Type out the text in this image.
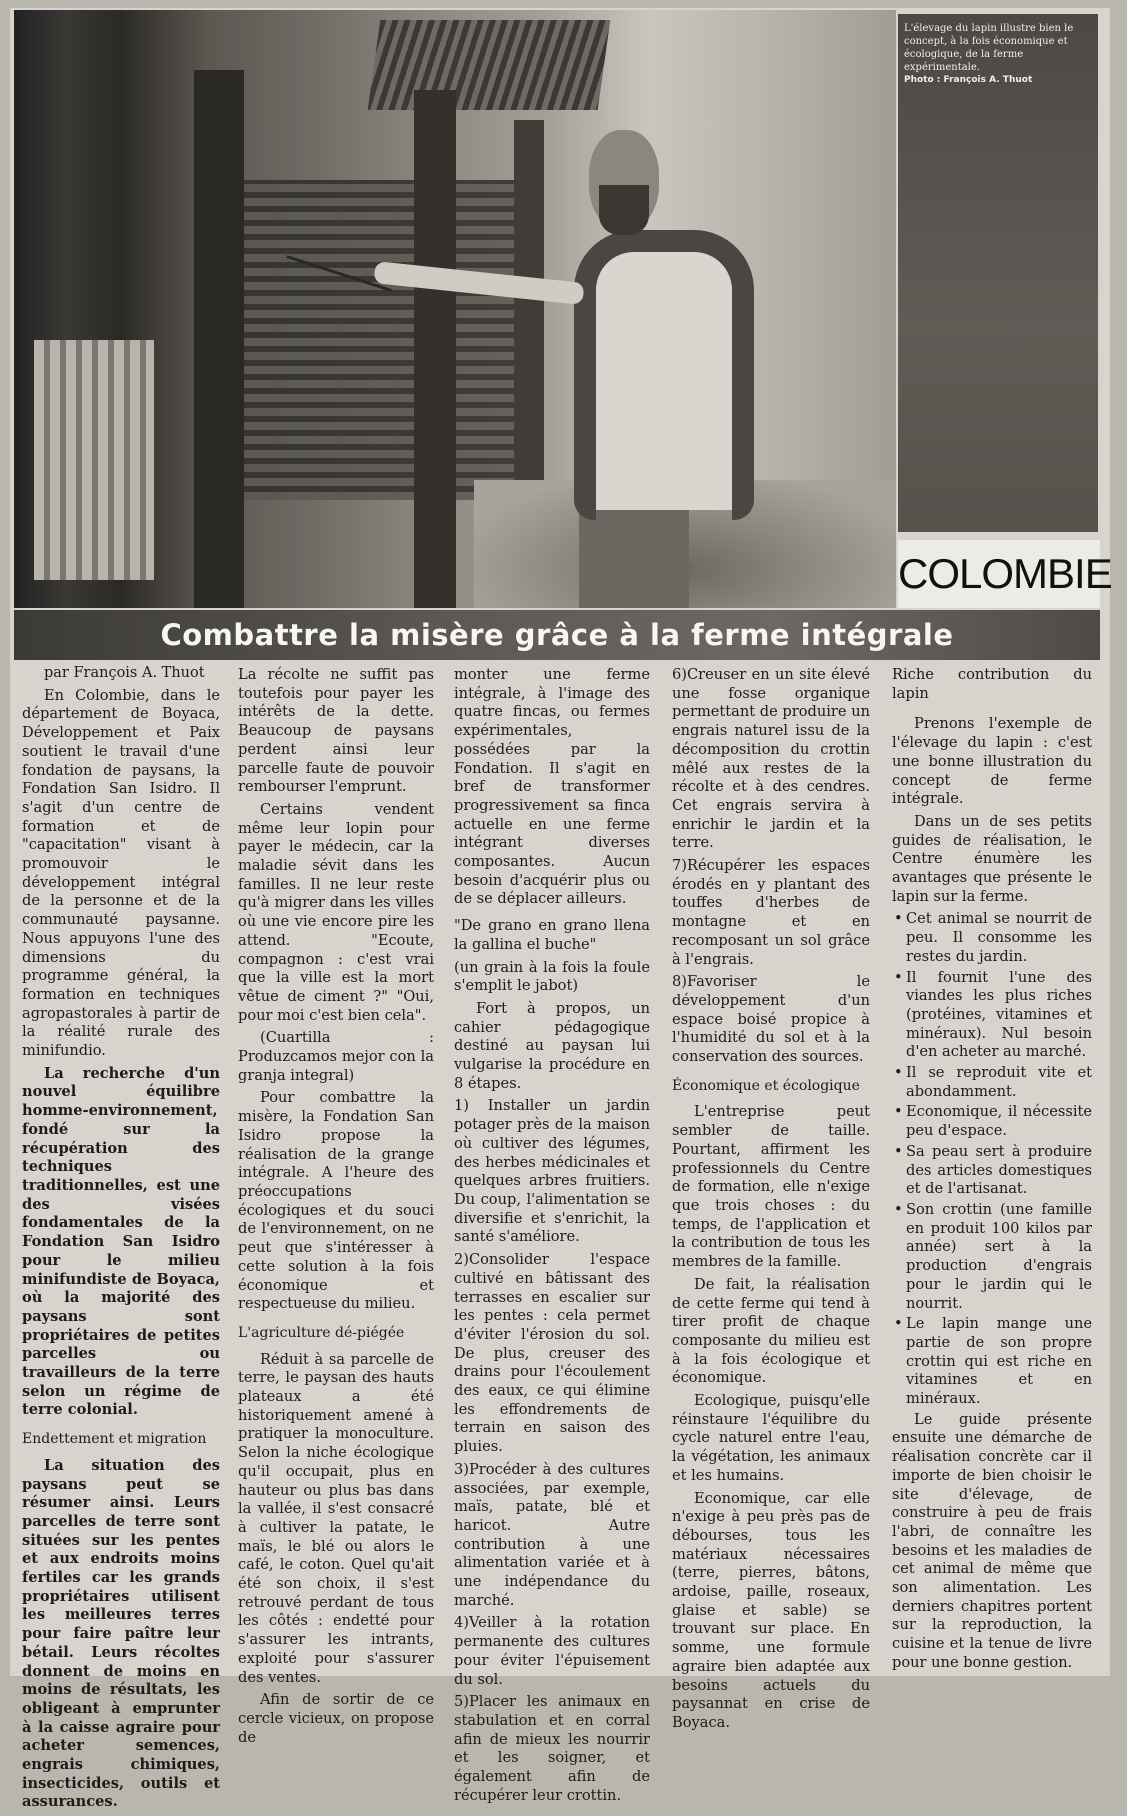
L'élevage du lapin illustre bien le concept, à la fois économique et écologique, de la ferme expérimentale.
Photo : François A. Thuot
COLOMBIE
Combattre la misère grâce à la ferme intégrale

par François A. Thuot

En Colombie, dans le département de Boyaca, Développement et Paix soutient le travail d'une fondation de paysans, la Fondation San Isidro. Il s'agit d'un centre de formation et de "capacitation" visant à promouvoir le développement intégral de la personne et de la communauté paysanne. Nous appuyons l'une des dimensions du programme général, la formation en techniques agropastorales à partir de la réalité rurale des minifundio.

La recherche d'un nouvel équilibre homme-environnement, fondé sur la récupération des techniques traditionnelles, est une des visées fondamentales de la Fondation San Isidro pour le milieu minifundiste de Boyaca, où la majorité des paysans sont propriétaires de petites parcelles ou travailleurs de la terre selon un régime de terre colonial.

Endettement et migration

La situation des paysans peut se résumer ainsi. Leurs parcelles de terre sont situées sur les pentes et aux endroits moins fertiles car les grands propriétaires utilisent les meilleures terres pour faire paître leur bétail. Leurs récoltes donnent de moins en moins de résultats, les obligeant à emprunter à la caisse agraire pour acheter semences, engrais chimiques, insecticides, outils et assurances.

La récolte ne suffit pas toutefois pour payer les intérêts de la dette. Beaucoup de paysans perdent ainsi leur parcelle faute de pouvoir rembourser l'emprunt.

Certains vendent même leur lopin pour payer le médecin, car la maladie sévit dans les familles. Il ne leur reste qu'à migrer dans les villes où une vie encore pire les attend. "Ecoute, compagnon : c'est vrai que la ville est la mort vêtue de ciment ?" "Oui, pour moi c'est bien cela".

(Cuartilla : Produzcamos mejor con la granja integral)

Pour combattre la misère, la Fondation San Isidro propose la réalisation de la grange intégrale. A l'heure des préoccupations écologiques et du souci de l'environnement, on ne peut que s'intéresser à cette solution à la fois économique et respectueuse du milieu.

L'agriculture dé-piégée

Réduit à sa parcelle de terre, le paysan des hauts plateaux a été historiquement amené à pratiquer la monoculture. Selon la niche écologique qu'il occupait, plus en hauteur ou plus bas dans la vallée, il s'est consacré à cultiver la patate, le maïs, le blé ou alors le café, le coton. Quel qu'ait été son choix, il s'est retrouvé perdant de tous les côtés : endetté pour s'assurer les intrants, exploité pour s'assurer des ventes.

Afin de sortir de ce cercle vicieux, on propose de

monter une ferme intégrale, à l'image des quatre fincas, ou fermes expérimentales, possédées par la Fondation. Il s'agit en bref de transformer progressivement sa finca actuelle en une ferme intégrant diverses composantes. Aucun besoin d'acquérir plus ou de se déplacer ailleurs.

"De grano en grano llena la gallina el buche"

(un grain à la fois la foule s'emplit le jabot)

Fort à propos, un cahier pédagogique destiné au paysan lui vulgarise la procédure en 8 étapes.

1) Installer un jardin potager près de la maison où cultiver des légumes, des herbes médicinales et quelques arbres fruitiers. Du coup, l'alimentation se diversifie et s'enrichit, la santé s'améliore.

2)Consolider l'espace cultivé en bâtissant des terrasses en escalier sur les pentes : cela permet d'éviter l'érosion du sol. De plus, creuser des drains pour l'écoulement des eaux, ce qui élimine les effondrements de terrain en saison des pluies.

3)Procéder à des cultures associées, par exemple, maïs, patate, blé et haricot. Autre contribution à une alimentation variée et à une indépendance du marché.

4)Veiller à la rotation permanente des cultures pour éviter l'épuisement du sol.

5)Placer les animaux en stabulation et en corral afin de mieux les nourrir et les soigner, et également afin de récupérer leur crottin.

6)Creuser en un site élevé une fosse organique permettant de produire un engrais naturel issu de la décomposition du crottin mêlé aux restes de la récolte et à des cendres. Cet engrais servira à enrichir le jardin et la terre.

7)Récupérer les espaces érodés en y plantant des touffes d'herbes de montagne et en recomposant un sol grâce à l'engrais.

8)Favoriser le développement d'un espace boisé propice à l'humidité du sol et à la conservation des sources.

Économique et écologique

L'entreprise peut sembler de taille. Pourtant, affirment les professionnels du Centre de formation, elle n'exige que trois choses : du temps, de l'application et la contribution de tous les membres de la famille.

De fait, la réalisation de cette ferme qui tend à tirer profit de chaque composante du milieu est à la fois écologique et économique.

Ecologique, puisqu'elle réinstaure l'équilibre du cycle naturel entre l'eau, la végétation, les animaux et les humains.

Economique, car elle n'exige à peu près pas de débourses, tous les matériaux nécessaires (terre, pierres, bâtons, ardoise, paille, roseaux, glaise et sable) se trouvant sur place. En somme, une formule agraire bien adaptée aux besoins actuels du paysannat en crise de Boyaca.

Riche contribution du lapin

Prenons l'exemple de l'élevage du lapin : c'est une bonne illustration du concept de ferme intégrale.

Dans un de ses petits guides de réalisation, le Centre énumère les avantages que présente le lapin sur la ferme.

• Cet animal se nourrit de peu. Il consomme les restes du jardin.
• Il fournit l'une des viandes les plus riches (protéines, vitamines et minéraux). Nul besoin d'en acheter au marché.
• Il se reproduit vite et abondamment.
• Economique, il nécessite peu d'espace.
• Sa peau sert à produire des articles domestiques et de l'artisanat.
• Son crottin (une famille en produit 100 kilos par année) sert à la production d'engrais pour le jardin qui le nourrit.
• Le lapin mange une partie de son propre crottin qui est riche en vitamines et en minéraux.

Le guide présente ensuite une démarche de réalisation concrète car il importe de bien choisir le site d'élevage, de construire à peu de frais l'abri, de connaître les besoins et les maladies de cet animal de même que son alimentation. Les derniers chapitres portent sur la reproduction, la cuisine et la tenue de livre pour une bonne gestion.
